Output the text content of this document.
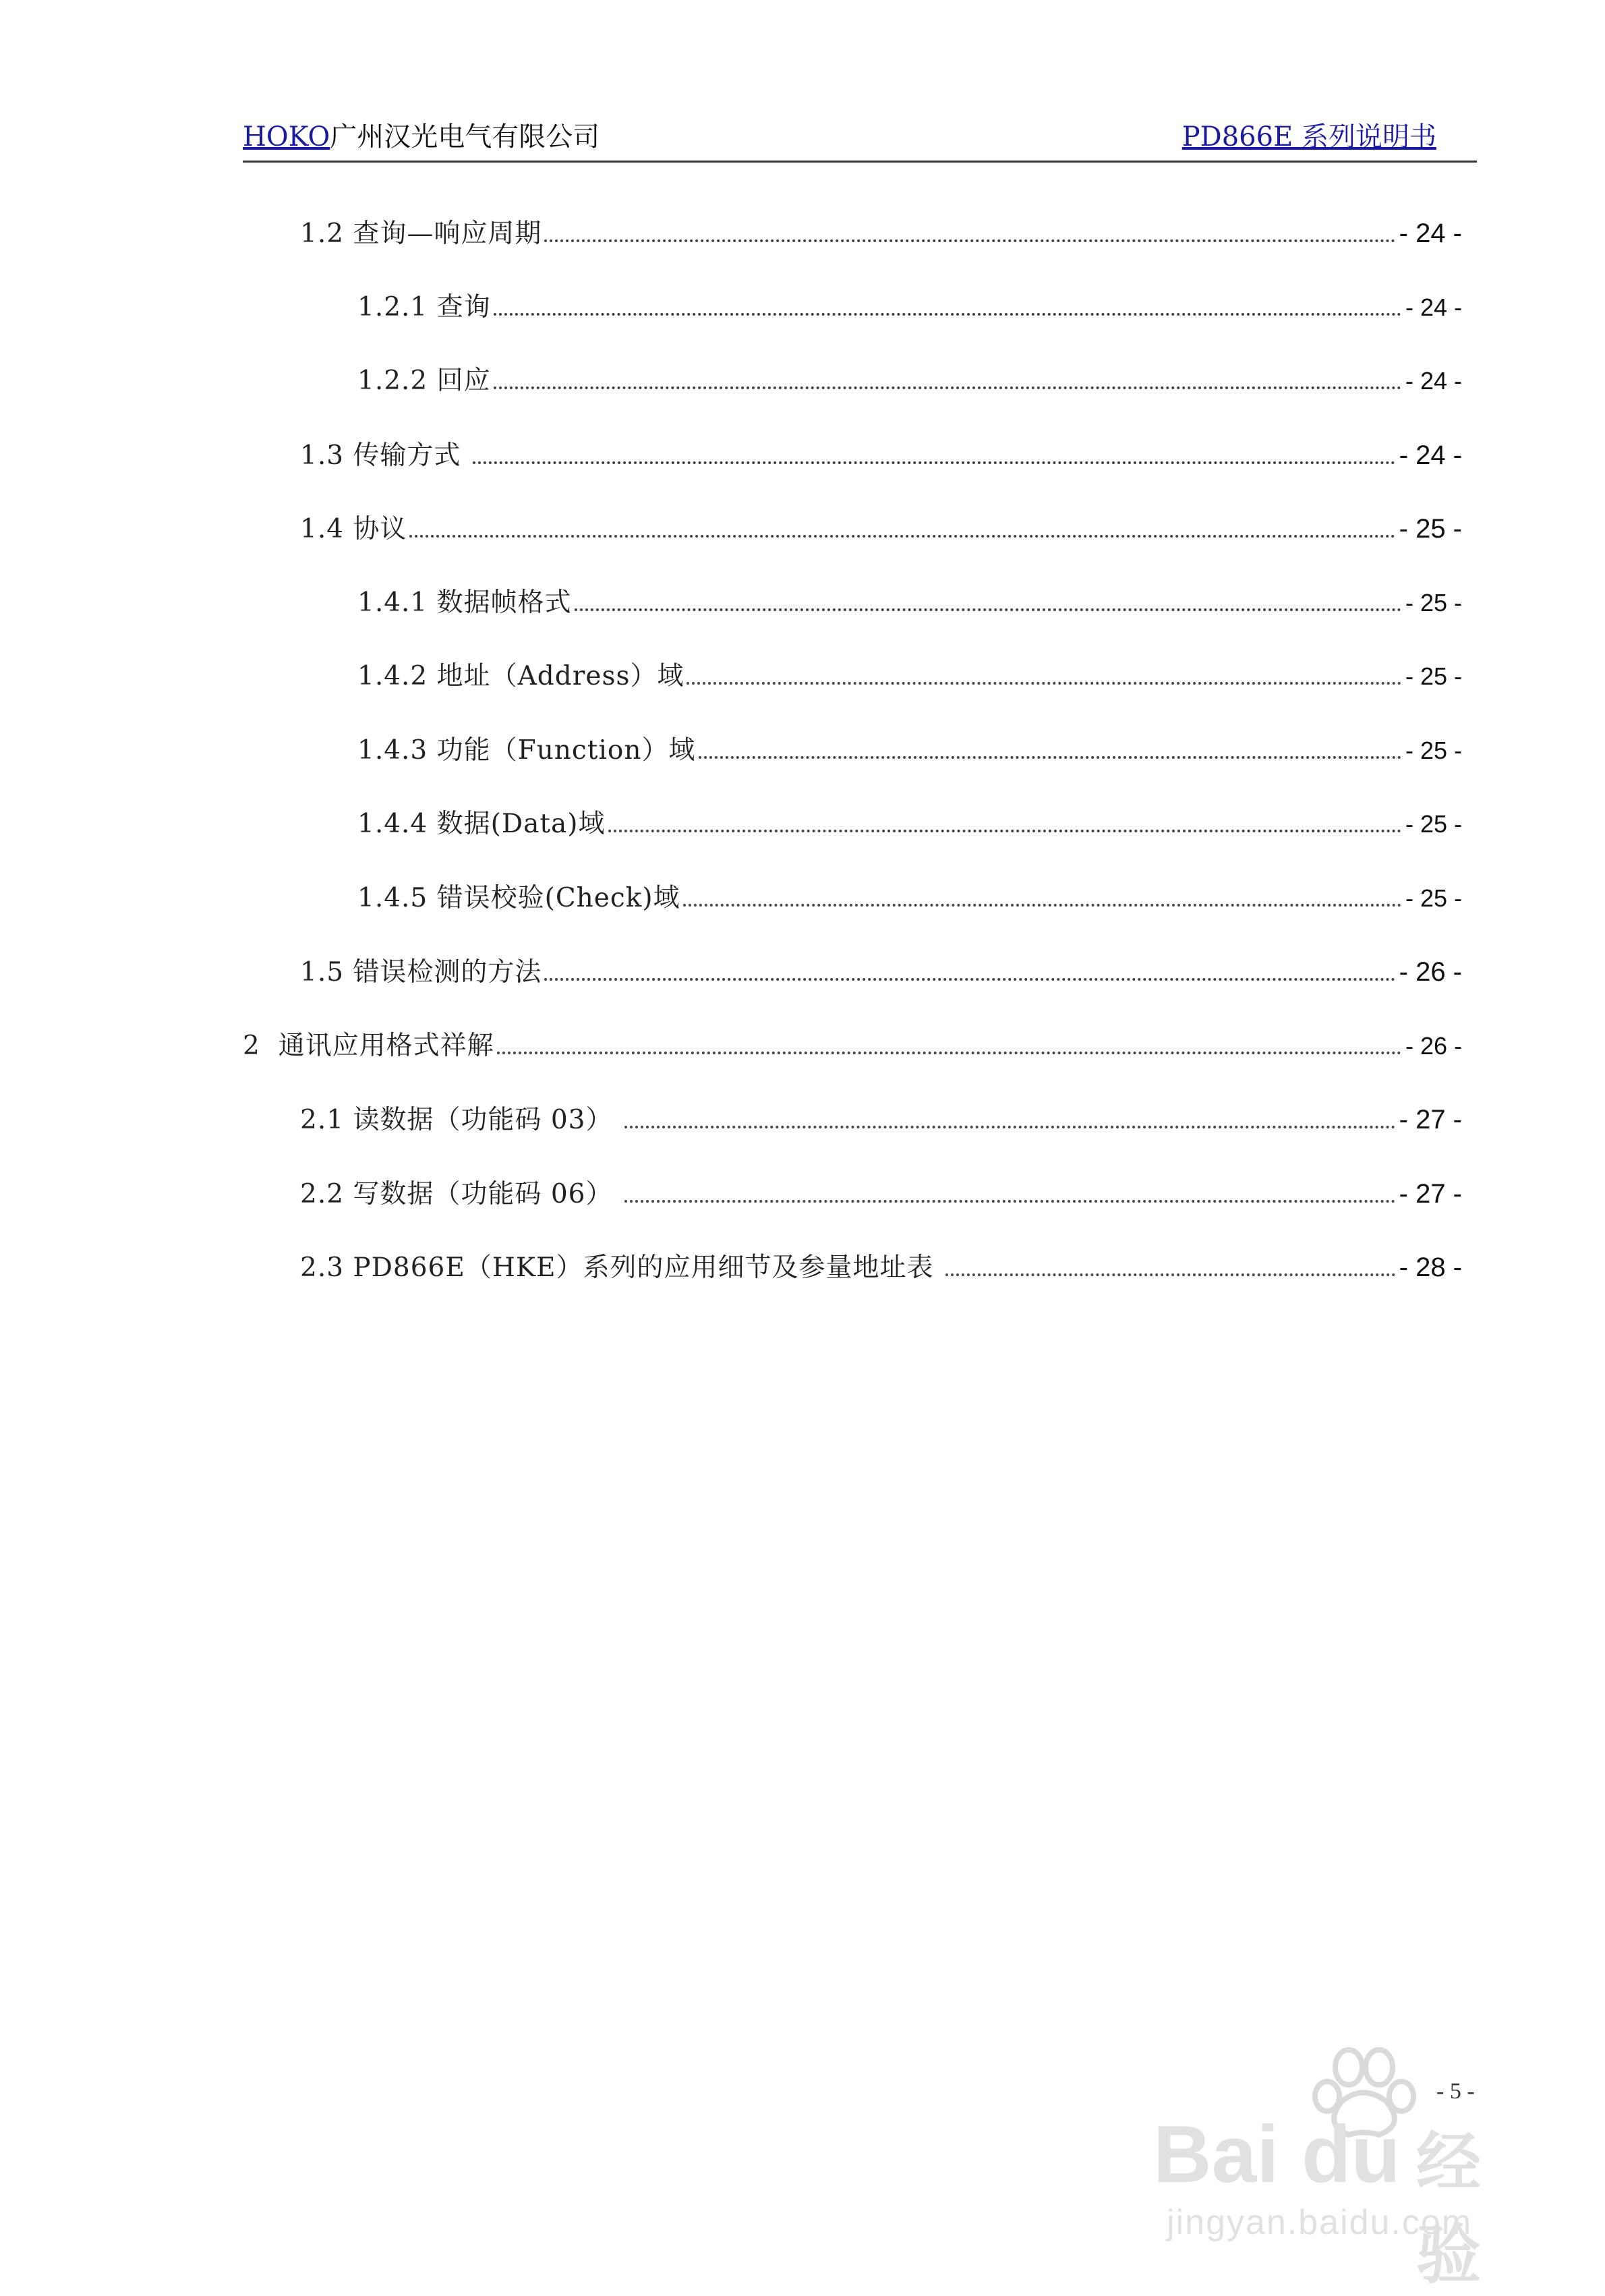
HOKO广州汉光电气有限公司	PD866E 系列说明书
1.2 查询—响应周期	- 24 -
1.2.1 查询	- 24 -
1.2.2 回应	- 24 -
1.3 传输方式	- 24 -
1.4 协议	- 25 -
1.4.1 数据帧格式	- 25 -
1.4.2 地址（Address）域	- 25 -
1.4.3 功能（Function）域	- 25 -
1.4.4 数据(Data)域	- 25 -
1.4.5 错误校验(Check)域	- 25 -
1.5 错误检测的方法	- 26 -
2  通讯应用格式祥解	- 26 -
2.1 读数据（功能码 03）	- 27 -
2.2 写数据（功能码 06）	- 27 -
2.3 PD866E（HKE）系列的应用细节及参量地址表	- 28 -
- 5 -
Bai du 经验
jingyan.baidu.com
